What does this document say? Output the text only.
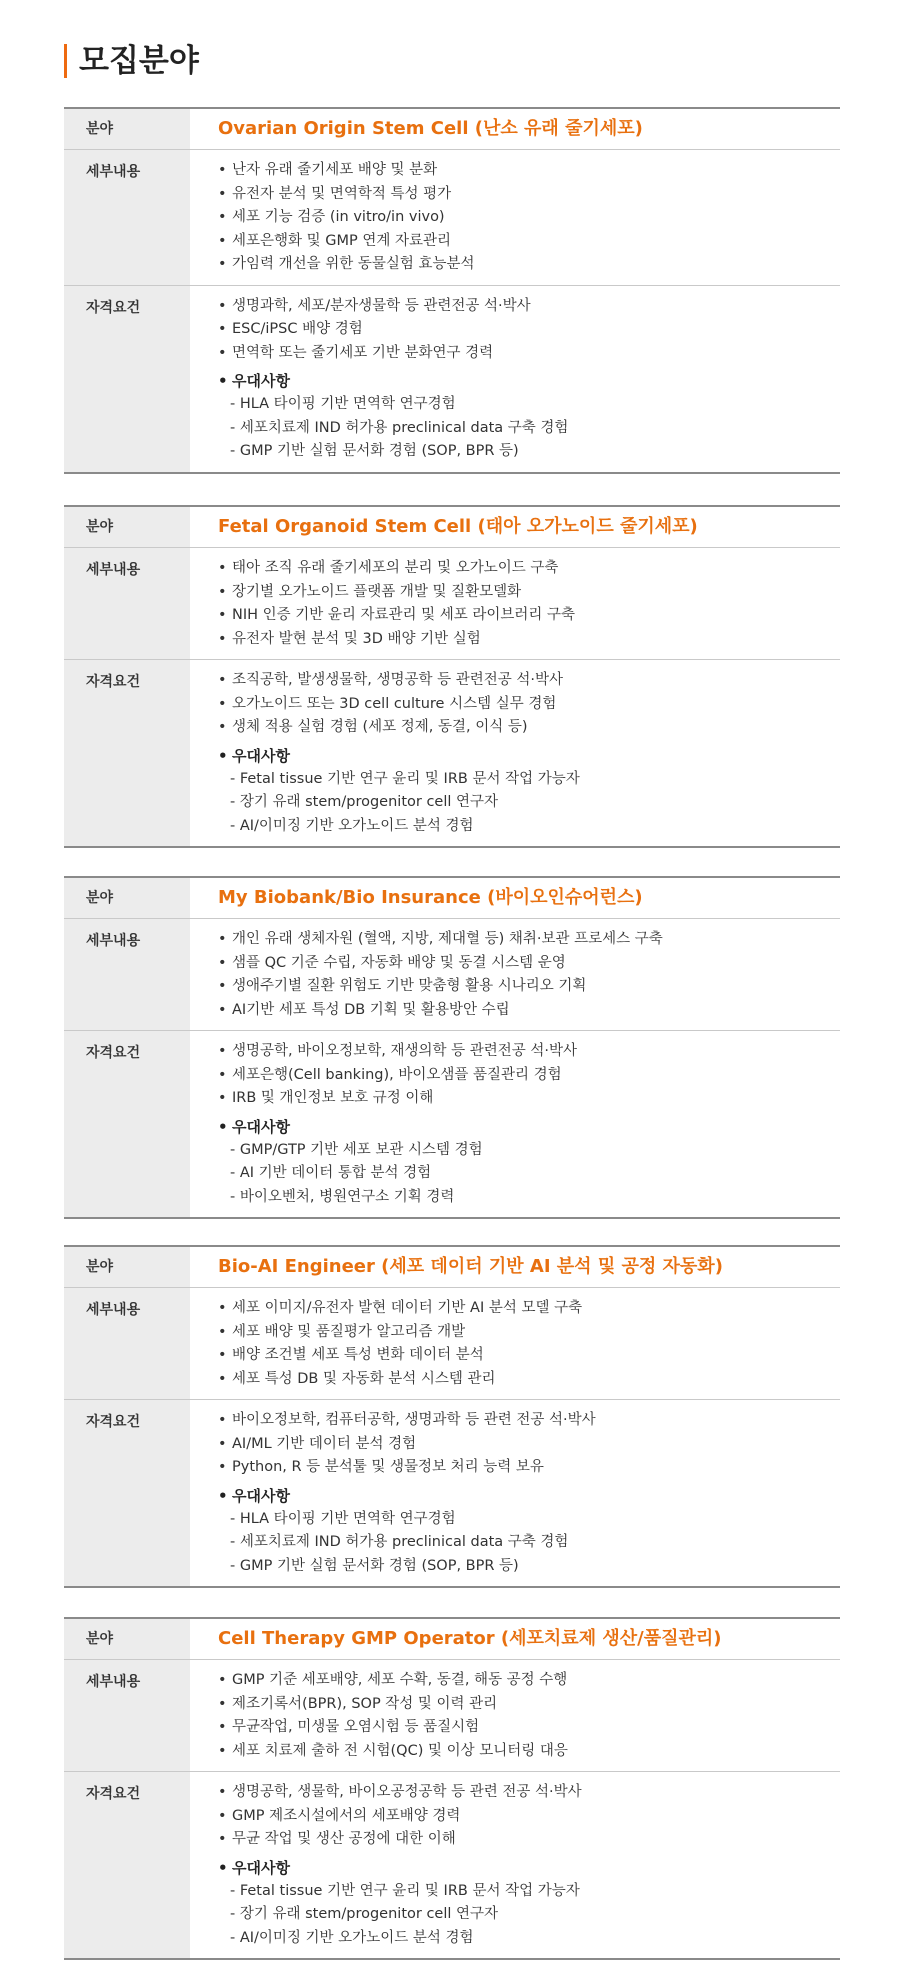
모집분야
분야	Ovarian Origin Stem Cell (난소 유래 줄기세포)
세부내용	• 난자 유래 줄기세포 배양 및 분화
• 유전자 분석 및 면역학적 특성 평가
• 세포 기능 검증 (in vitro/in vivo)
• 세포은행화 및 GMP 연계 자료관리
• 가임력 개선을 위한 동물실험 효능분석
자격요건	• 생명과학, 세포/분자생물학 등 관련전공 석·박사
• ESC/iPSC 배양 경험
• 면역학 또는 줄기세포 기반 분화연구 경력
• 우대사항
- HLA 타이핑 기반 면역학 연구경험
- 세포치료제 IND 허가용 preclinical data 구축 경험
- GMP 기반 실험 문서화 경험 (SOP, BPR 등)
분야	Fetal Organoid Stem Cell (태아 오가노이드 줄기세포)
세부내용	• 태아 조직 유래 줄기세포의 분리 및 오가노이드 구축
• 장기별 오가노이드 플랫폼 개발 및 질환모델화
• NIH 인증 기반 윤리 자료관리 및 세포 라이브러리 구축
• 유전자 발현 분석 및 3D 배양 기반 실험
자격요건	• 조직공학, 발생생물학, 생명공학 등 관련전공 석·박사
• 오가노이드 또는 3D cell culture 시스템 실무 경험
• 생체 적용 실험 경험 (세포 정제, 동결, 이식 등)
• 우대사항
- Fetal tissue 기반 연구 윤리 및 IRB 문서 작업 가능자
- 장기 유래 stem/progenitor cell 연구자
- AI/이미징 기반 오가노이드 분석 경험
분야	My Biobank/Bio Insurance (바이오인슈어런스)
세부내용	• 개인 유래 생체자원 (혈액, 지방, 제대혈 등) 채취·보관 프로세스 구축
• 샘플 QC 기준 수립, 자동화 배양 및 동결 시스템 운영
• 생애주기별 질환 위험도 기반 맞춤형 활용 시나리오 기획
• AI기반 세포 특성 DB 기획 및 활용방안 수립
자격요건	• 생명공학, 바이오정보학, 재생의학 등 관련전공 석·박사
• 세포은행(Cell banking), 바이오샘플 품질관리 경험
• IRB 및 개인정보 보호 규정 이해
• 우대사항
- GMP/GTP 기반 세포 보관 시스템 경험
- AI 기반 데이터 통합 분석 경험
- 바이오벤처, 병원연구소 기획 경력
분야	Bio-AI Engineer (세포 데이터 기반 AI 분석 및 공정 자동화)
세부내용	• 세포 이미지/유전자 발현 데이터 기반 AI 분석 모델 구축
• 세포 배양 및 품질평가 알고리즘 개발
• 배양 조건별 세포 특성 변화 데이터 분석
• 세포 특성 DB 및 자동화 분석 시스템 관리
자격요건	• 바이오정보학, 컴퓨터공학, 생명과학 등 관련 전공 석·박사
• AI/ML 기반 데이터 분석 경험
• Python, R 등 분석툴 및 생물정보 처리 능력 보유
• 우대사항
- HLA 타이핑 기반 면역학 연구경험
- 세포치료제 IND 허가용 preclinical data 구축 경험
- GMP 기반 실험 문서화 경험 (SOP, BPR 등)
분야	Cell Therapy GMP Operator (세포치료제 생산/품질관리)
세부내용	• GMP 기준 세포배양, 세포 수확, 동결, 해동 공정 수행
• 제조기록서(BPR), SOP 작성 및 이력 관리
• 무균작업, 미생물 오염시험 등 품질시험
• 세포 치료제 출하 전 시험(QC) 및 이상 모니터링 대응
자격요건	• 생명공학, 생물학, 바이오공정공학 등 관련 전공 석·박사
• GMP 제조시설에서의 세포배양 경력
• 무균 작업 및 생산 공정에 대한 이해
• 우대사항
- Fetal tissue 기반 연구 윤리 및 IRB 문서 작업 가능자
- 장기 유래 stem/progenitor cell 연구자
- AI/이미징 기반 오가노이드 분석 경험
